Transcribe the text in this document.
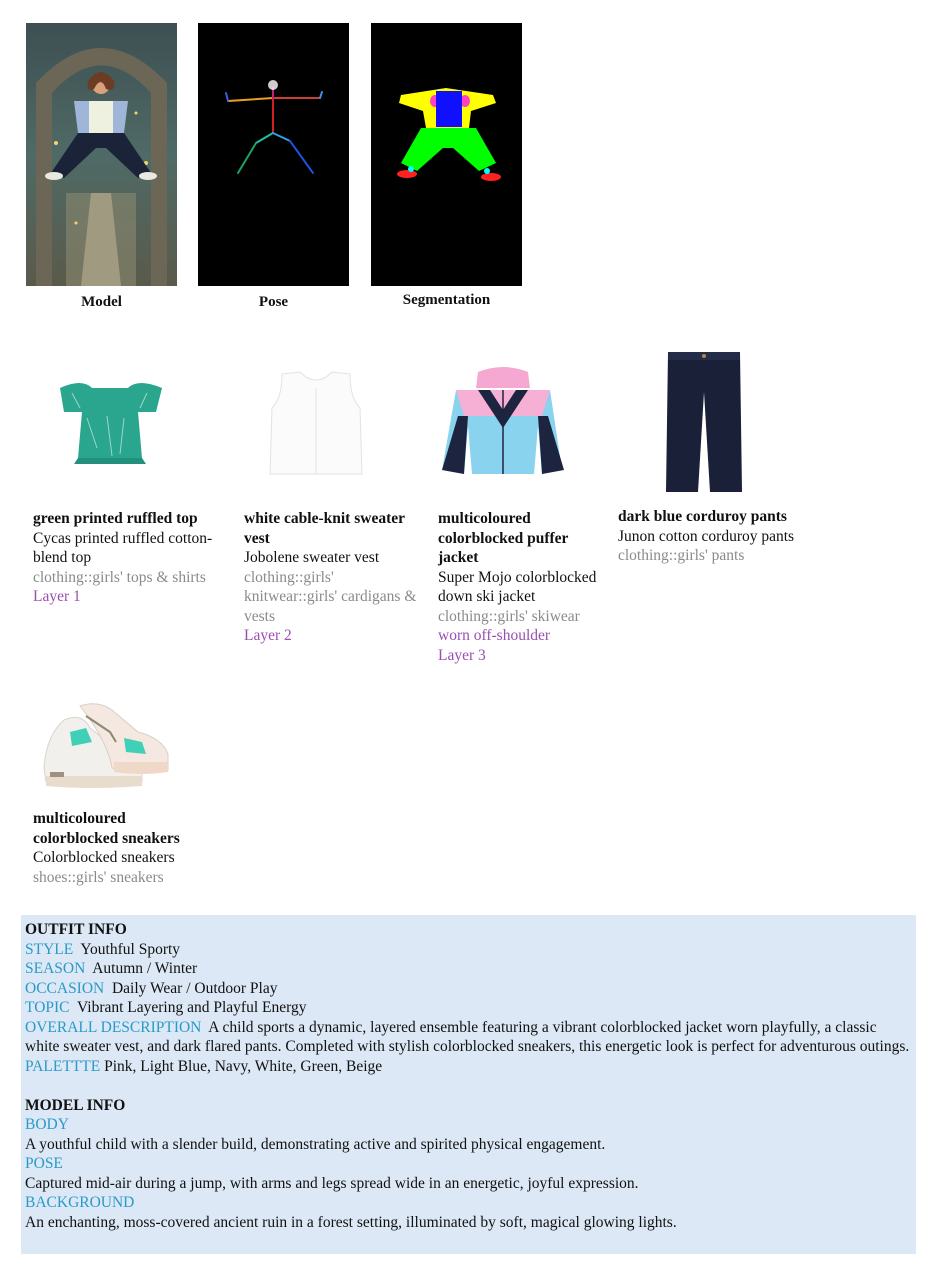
Model	Pose	Segmentation
green printed ruffled top
Cycas printed ruffled cotton-blend top
clothing::girls' tops & shirts
Layer 1
white cable-knit sweater vest
Jobolene sweater vest
clothing::girls' knitwear::girls' cardigans & vests
Layer 2
multicoloured colorblocked puffer jacket
Super Mojo colorblocked down ski jacket
clothing::girls' skiwear
worn off-shoulder
Layer 3
dark blue corduroy pants
Junon cotton corduroy pants
clothing::girls' pants
multicoloured colorblocked sneakers
Colorblocked sneakers
shoes::girls' sneakers
OUTFIT INFO
STYLE Youthful Sporty
SEASON Autumn / Winter
OCCASION Daily Wear / Outdoor Play
TOPIC Vibrant Layering and Playful Energy
OVERALL DESCRIPTION A child sports a dynamic, layered ensemble featuring a vibrant colorblocked jacket worn playfully, a classic white sweater vest, and dark flared pants. Completed with stylish colorblocked sneakers, this energetic look is perfect for adventurous outings.
PALETTTE Pink, Light Blue, Navy, White, Green, Beige
MODEL INFO
BODY
A youthful child with a slender build, demonstrating active and spirited physical engagement.
POSE
Captured mid-air during a jump, with arms and legs spread wide in an energetic, joyful expression.
BACKGROUND
An enchanting, moss-covered ancient ruin in a forest setting, illuminated by soft, magical glowing lights.
